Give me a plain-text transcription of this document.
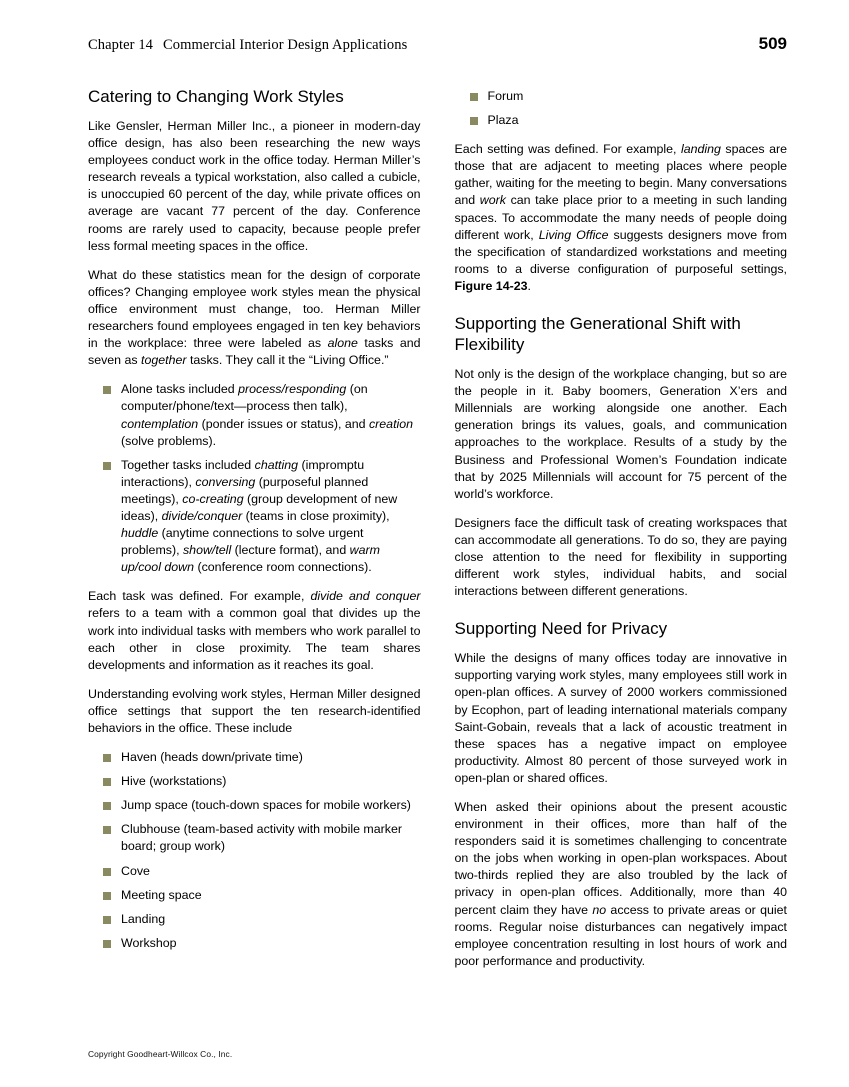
Chapter 14 Commercial Interior Design Applications	509
Catering to Changing Work Styles

Like Gensler, Herman Miller Inc., a pioneer in modern-day office design, has also been researching the new ways employees conduct work in the office today. Herman Miller’s research reveals a typical workstation, also called a cubicle, is unoccupied 60 percent of the day, while private offices on average are vacant 77 percent of the day. Conference rooms are rarely used to capacity, because people prefer less formal meeting spaces in the office.

What do these statistics mean for the design of corporate offices? Changing employee work styles mean the physical office environment must change, too. Herman Miller researchers found employees engaged in ten key behaviors in the workplace: three were labeled as alone tasks and seven as together tasks. They call it the “Living Office.”

Alone tasks included process/responding (on computer/phone/text—process then talk), contemplation (ponder issues or status), and creation (solve problems).
Together tasks included chatting (impromptu interactions), conversing (purposeful planned meetings), co-creating (group development of new ideas), divide/conquer (teams in close proximity), huddle (anytime connections to solve urgent problems), show/tell (lecture format), and warm up/cool down (conference room connections).

Each task was defined. For example, divide and conquer refers to a team with a common goal that divides up the work into individual tasks with members who work parallel to each other in close proximity. The team shares developments and information as it reaches its goal.

Understanding evolving work styles, Herman Miller designed office settings that support the ten research-identified behaviors in the office. These include

Haven (heads down/private time)
Hive (workstations)
Jump space (touch-down spaces for mobile workers)
Clubhouse (team-based activity with mobile marker board; group work)
Cove
Meeting space
Landing
Workshop
Forum
Plaza

Each setting was defined. For example, landing spaces are those that are adjacent to meeting places where people gather, waiting for the meeting to begin. Many conversations and work can take place prior to a meeting in such landing spaces. To accommodate the many needs of people doing different work, Living Office suggests designers move from the specification of standardized workstations and meeting rooms to a diverse configuration of purposeful settings, Figure 14-23.

Supporting the Generational Shift with Flexibility

Not only is the design of the workplace changing, but so are the people in it. Baby boomers, Generation X’ers and Millennials are working alongside one another. Each generation brings its values, goals, and communication approaches to the workplace. Results of a study by the Business and Professional Women’s Foundation indicate that by 2025 Millennials will account for 75 percent of the world’s workforce.

Designers face the difficult task of creating workspaces that can accommodate all generations. To do so, they are paying close attention to the need for flexibility in supporting different work styles, individual habits, and social interactions between different generations.

Supporting Need for Privacy

While the designs of many offices today are innovative in supporting varying work styles, many employees still work in open-plan offices. A survey of 2000 workers commissioned by Ecophon, part of leading international materials company Saint-Gobain, reveals that a lack of acoustic treatment in these spaces has a negative impact on employee productivity. Almost 80 percent of those surveyed work in open-plan or shared offices.

When asked their opinions about the present acoustic environment in their offices, more than half of the responders said it is sometimes challenging to concentrate on the jobs when working in open-plan workspaces. About two-thirds replied they are also troubled by the lack of privacy in open-plan offices. Additionally, more than 40 percent claim they have no access to private areas or quiet rooms. Regular noise disturbances can negatively impact employee concentration resulting in lost hours of work and poor performance and productivity.

Copyright Goodheart-Willcox Co., Inc.
